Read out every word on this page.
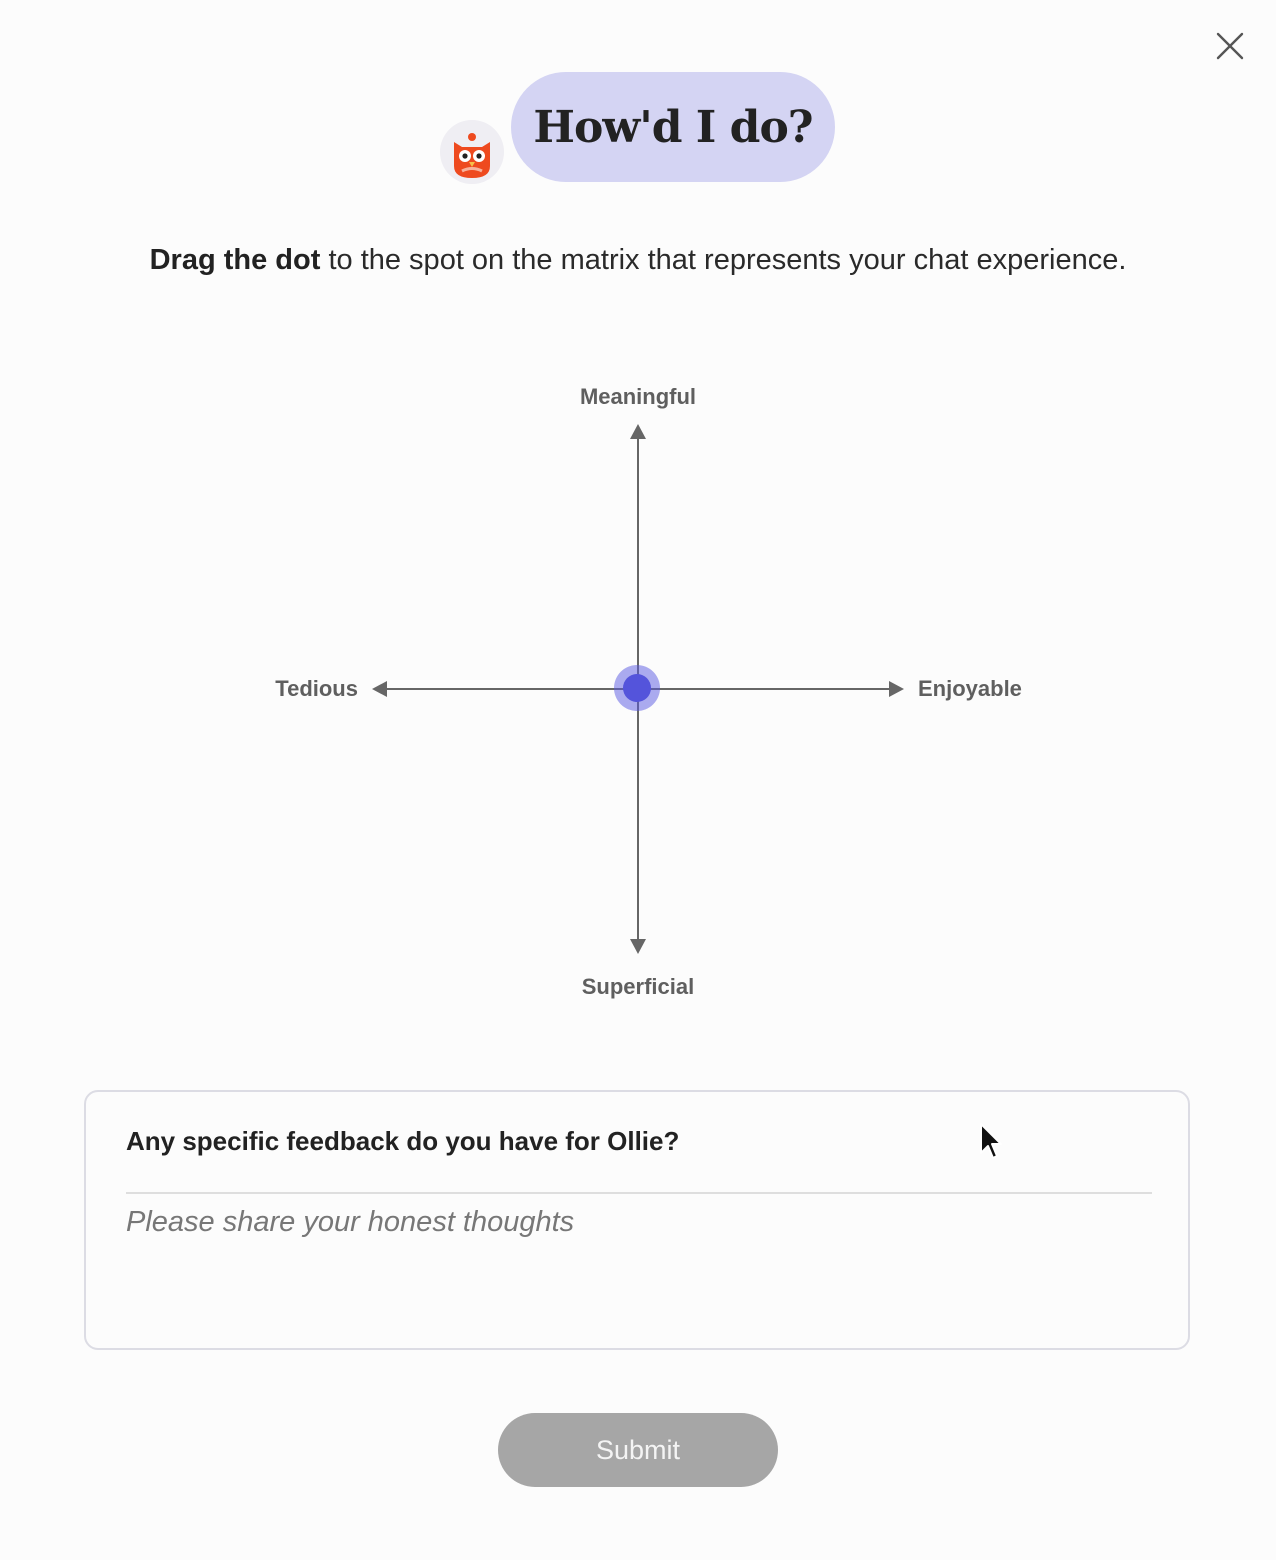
How'd I do?
Drag the dot to the spot on the matrix that represents your chat experience.
Meaningful
Superficial
Tedious	Enjoyable
Any specific feedback do you have for Ollie?
Please share your honest thoughts
Submit
